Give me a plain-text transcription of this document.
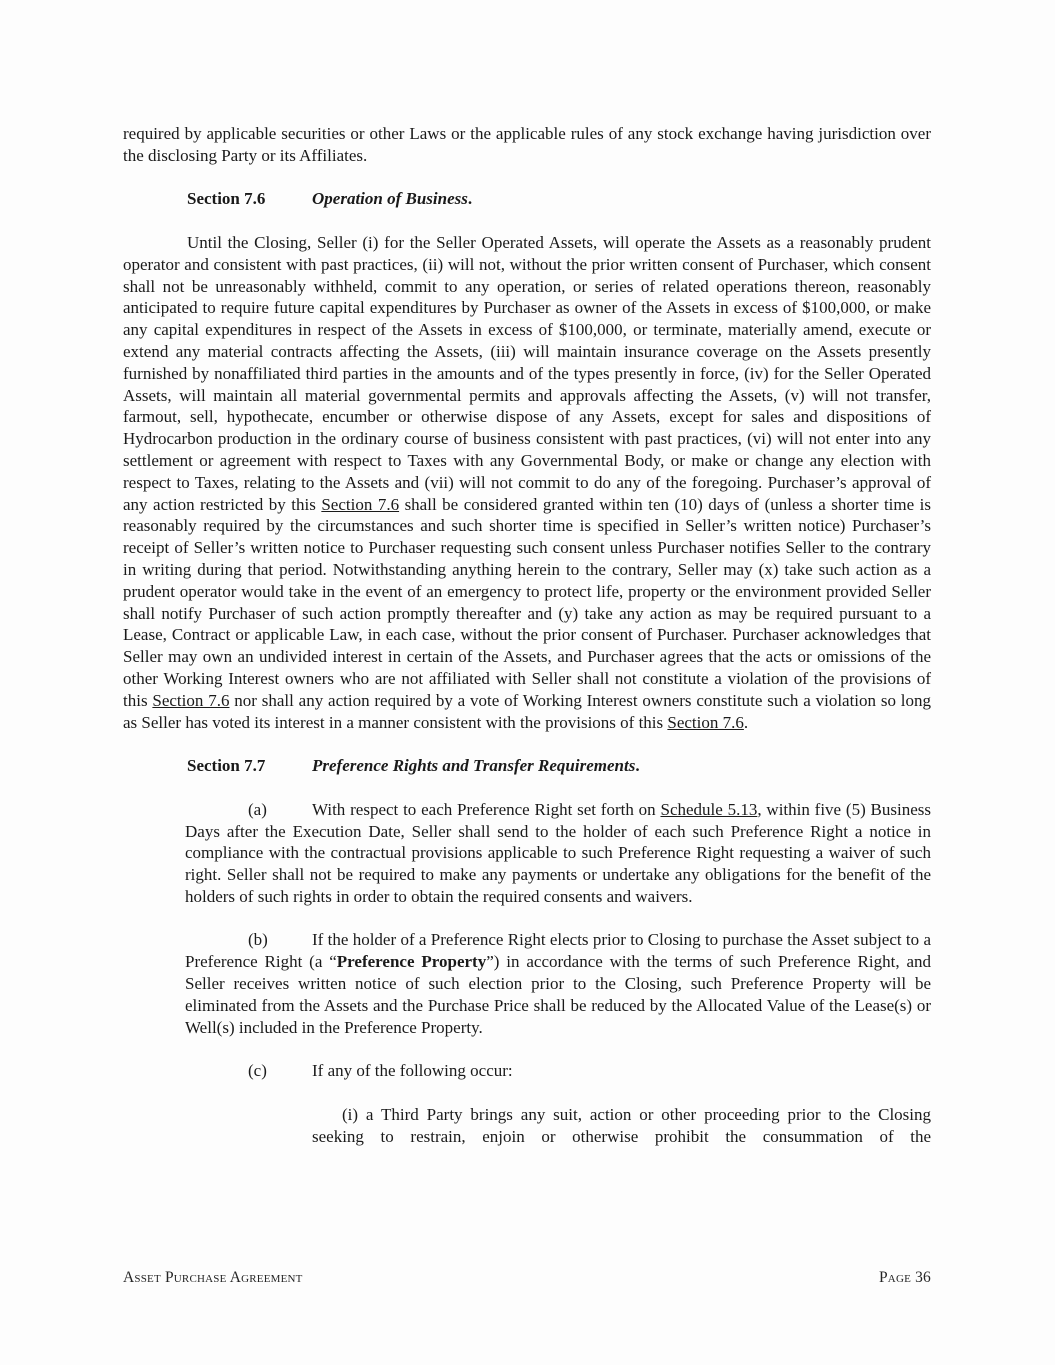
required by applicable securities or other Laws or the applicable rules of any stock exchange having jurisdiction over the disclosing Party or its Affiliates.

Section 7.6	Operation of Business.

Until the Closing, Seller (i) for the Seller Operated Assets, will operate the Assets as a reasonably prudent operator and consistent with past practices, (ii) will not, without the prior written consent of Purchaser, which consent shall not be unreasonably withheld, commit to any operation, or series of related operations thereon, reasonably anticipated to require future capital expenditures by Purchaser as owner of the Assets in excess of $100,000, or make any capital expenditures in respect of the Assets in excess of $100,000, or terminate, materially amend, execute or extend any material contracts affecting the Assets, (iii) will maintain insurance coverage on the Assets presently furnished by nonaffiliated third parties in the amounts and of the types presently in force, (iv) for the Seller Operated Assets, will maintain all material governmental permits and approvals affecting the Assets, (v) will not transfer, farmout, sell, hypothecate, encumber or otherwise dispose of any Assets, except for sales and dispositions of Hydrocarbon production in the ordinary course of business consistent with past practices, (vi) will not enter into any settlement or agreement with respect to Taxes with any Governmental Body, or make or change any election with respect to Taxes, relating to the Assets and (vii) will not commit to do any of the foregoing. Purchaser’s approval of any action restricted by this Section 7.6 shall be considered granted within ten (10) days of (unless a shorter time is reasonably required by the circumstances and such shorter time is specified in Seller’s written notice) Purchaser’s receipt of Seller’s written notice to Purchaser requesting such consent unless Purchaser notifies Seller to the contrary in writing during that period. Notwithstanding anything herein to the contrary, Seller may (x) take such action as a prudent operator would take in the event of an emergency to protect life, property or the environment provided Seller shall notify Purchaser of such action promptly thereafter and (y) take any action as may be required pursuant to a Lease, Contract or applicable Law, in each case, without the prior consent of Purchaser. Purchaser acknowledges that Seller may own an undivided interest in certain of the Assets, and Purchaser agrees that the acts or omissions of the other Working Interest owners who are not affiliated with Seller shall not constitute a violation of the provisions of this Section 7.6 nor shall any action required by a vote of Working Interest owners constitute such a violation so long as Seller has voted its interest in a manner consistent with the provisions of this Section 7.6.

Section 7.7	Preference Rights and Transfer Requirements.

(a)	With respect to each Preference Right set forth on Schedule 5.13, within five (5) Business Days after the Execution Date, Seller shall send to the holder of each such Preference Right a notice in compliance with the contractual provisions applicable to such Preference Right requesting a waiver of such right. Seller shall not be required to make any payments or undertake any obligations for the benefit of the holders of such rights in order to obtain the required consents and waivers.

(b)	If the holder of a Preference Right elects prior to Closing to purchase the Asset subject to a Preference Right (a “Preference Property”) in accordance with the terms of such Preference Right, and Seller receives written notice of such election prior to the Closing, such Preference Property will be eliminated from the Assets and the Purchase Price shall be reduced by the Allocated Value of the Lease(s) or Well(s) included in the Preference Property.

(c)	If any of the following occur:

(i) a Third Party brings any suit, action or other proceeding prior to the Closing seeking to restrain, enjoin or otherwise prohibit the consummation of the

Asset Purchase Agreement	Page 36
